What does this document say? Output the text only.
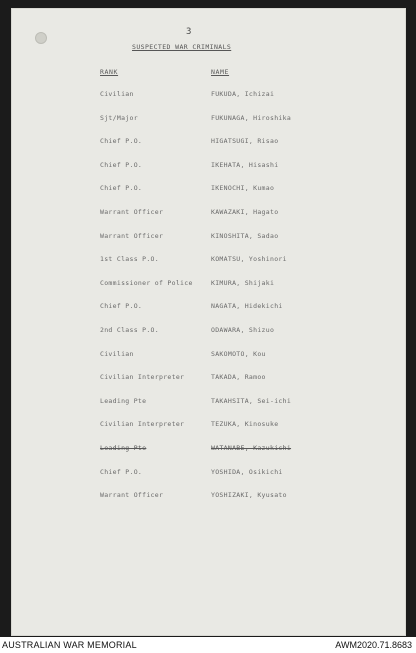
3
SUSPECTED WAR CRIMINALS
RANK	NAME
Civilian	FUKUDA, Ichizai
Sjt/Major	FUKUNAGA, Hiroshika
Chief P.O.	HIGATSUGI, Risao
Chief P.O.	IKEHATA, Hisashi
Chief P.O.	IKENOCHI, Kumao
Warrant Officer	KAWAZAKI, Hagato
Warrant Officer	KINOSHITA, Sadao
1st Class P.O.	KOMATSU, Yoshinori
Commissioner of Police	KIMURA, Shijaki
Chief P.O.	NAGATA, Hidekichi
2nd Class P.O.	ODAWARA, Shizuo
Civilian	SAKOMOTO, Kou
Civilian Interpreter	TAKADA, Ramoo
Leading Pte	TAKAHSITA, Sei-ichi
Civilian Interpreter	TEZUKA, Kinosuke
Leading Pte	WATANABE, Kazukichi
Chief P.O.	YOSHIDA, Osikichi
Warrant Officer	YOSHIZAKI, Kyusato
AUSTRALIAN WAR MEMORIAL	AWM2020.71.8683
